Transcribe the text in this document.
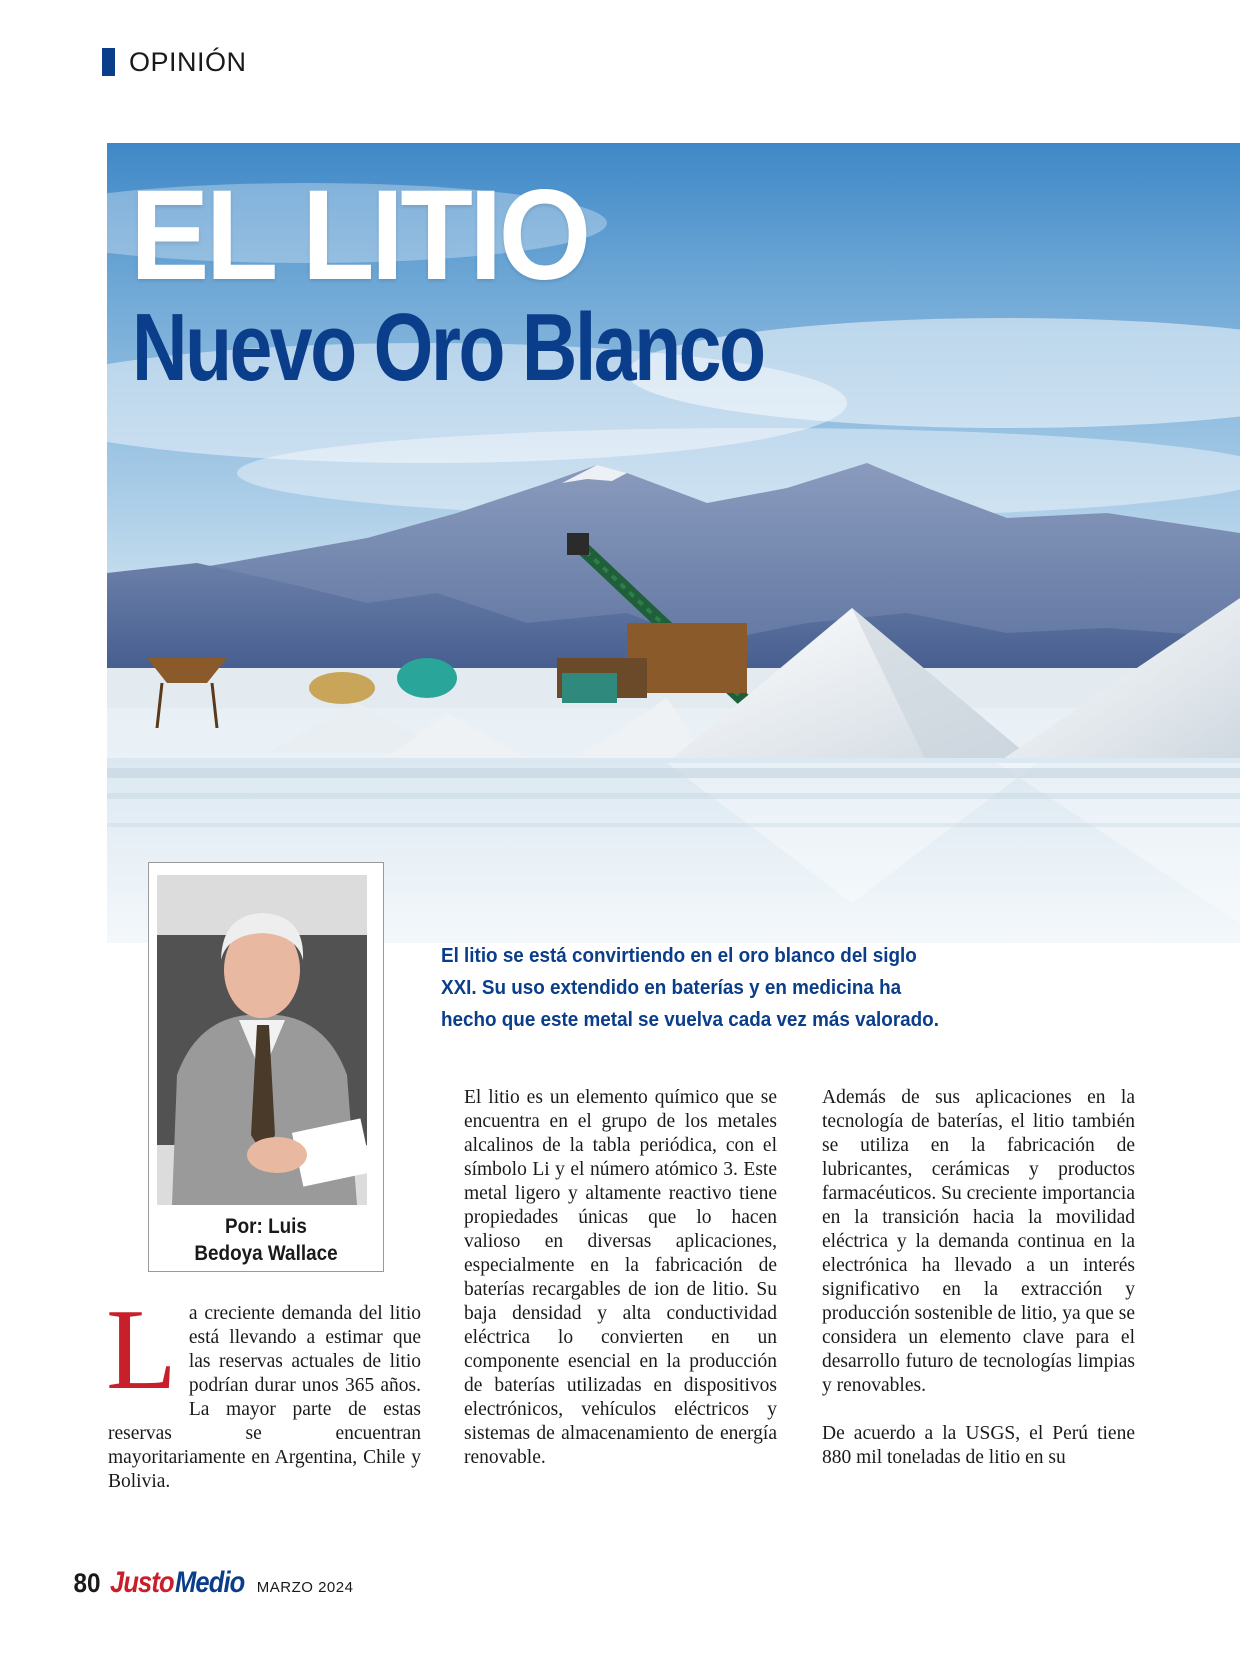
OPINIÓN
EL LITIO
Nuevo Oro Blanco
Por: Luis
Bedoya Wallace
El litio se está convirtiendo en el oro blanco del siglo
XXI. Su uso extendido en baterías y en medicina ha
hecho que este metal se vuelva cada vez más valorado.
L a creciente demanda del litio está llevando a estimar que las reservas actuales de litio podrían durar unos 365 años. La mayor parte de estas reservas se encuentran mayoritariamente en Argentina, Chile y Bolivia.

El litio es un elemento químico que se encuentra en el grupo de los metales alcalinos de la tabla periódica, con el símbolo Li y el número atómico 3. Este metal ligero y altamente reactivo tiene propiedades únicas que lo hacen valioso en diversas aplicaciones, especialmente en la fabricación de baterías recargables de ion de litio. Su baja densidad y alta conductividad eléctrica lo convierten en un componente esencial en la producción de baterías utilizadas en dispositivos electrónicos, vehículos eléctricos y sistemas de almacenamiento de energía renovable.

Además de sus aplicaciones en la tecnología de baterías, el litio también se utiliza en la fabricación de lubricantes, cerámicas y productos farmacéuticos. Su creciente importancia en la transición hacia la movilidad eléctrica y la demanda continua en la electrónica ha llevado a un interés significativo en la extracción y producción sostenible de litio, ya que se considera un elemento clave para el desarrollo futuro de tecnologías limpias y renovables.

De acuerdo a la USGS, el Perú tiene 880 mil toneladas de litio en su

80 JustoMedio MARZO 2024
